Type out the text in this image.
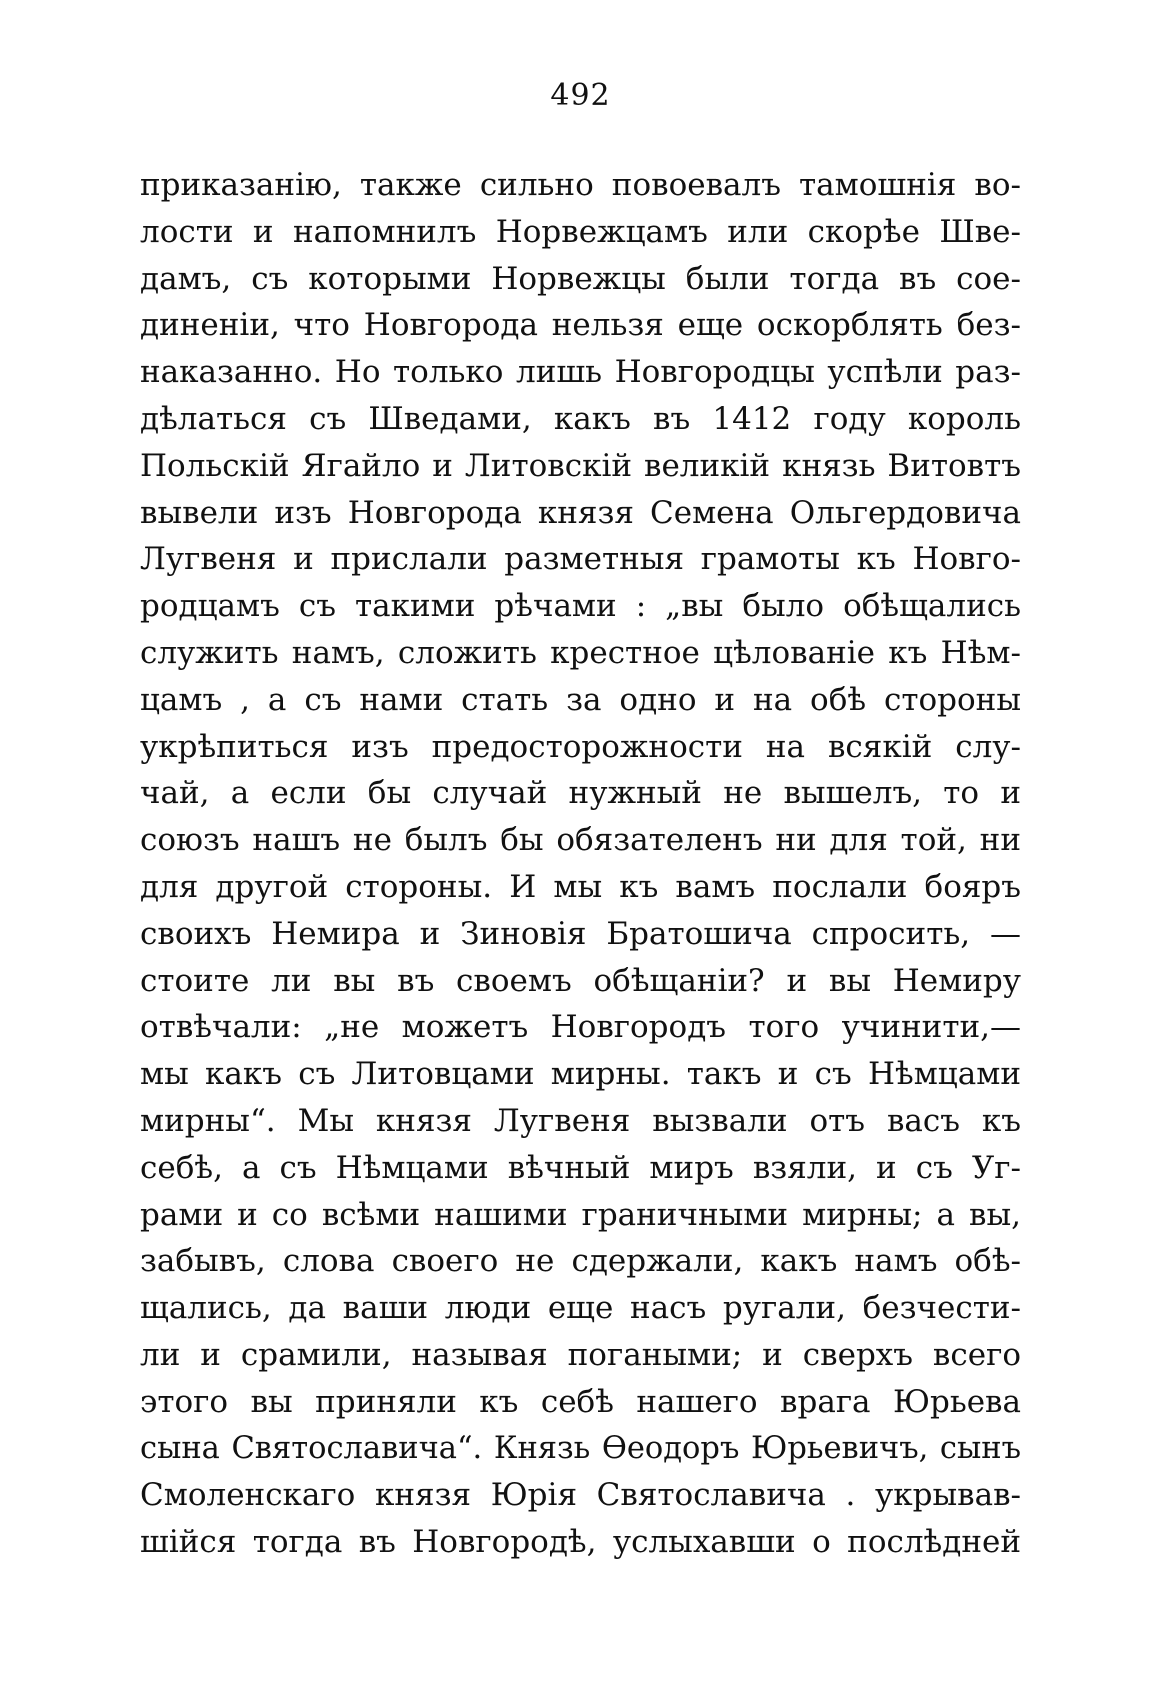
492
приказанію, также сильно повоевалъ тамошнія во-
лости и напомнилъ Норвежцамъ или скорѣе Шве-
дамъ, съ которыми Норвежцы были тогда въ сое-
диненіи, что Новгорода нельзя еще оскорблять без-
наказанно. Но только лишь Новгородцы успѣли раз-
дѣлаться съ Шведами, какъ въ 1412 году король
Польскій Ягайло и Литовскій великій князь Витовтъ
вывели изъ Новгорода князя Семена Ольгердовича
Лугвеня и прислали разметныя грамоты къ Новго-
родцамъ съ такими рѣчами : „вы было обѣщались
служить намъ, сложить крестное цѣлованіе къ Нѣм-
цамъ , а съ нами стать за одно и на обѣ стороны
укрѣпиться изъ предосторожности на всякій слу-
чай, а если бы случай нужный не вышелъ, то и
союзъ нашъ не былъ бы обязателенъ ни для той, ни
для другой стороны. И мы къ вамъ послали бояръ
своихъ Немира и Зиновія Братошича спросить, —
стоите ли вы въ своемъ обѣщаніи? и вы Немиру
отвѣчали: „не можетъ Новгородъ того учинити,—
мы какъ съ Литовцами мирны. такъ и съ Нѣмцами
мирны“. Мы князя Лугвеня вызвали отъ васъ къ
себѣ, а съ Нѣмцами вѣчный миръ взяли, и съ Уг-
рами и со всѣми нашими граничными мирны; а вы,
забывъ, слова своего не сдержали, какъ намъ обѣ-
щались, да ваши люди еще насъ ругали, безчести-
ли и срамили, называя погаными; и сверхъ всего
этого вы приняли къ себѣ нашего врага Юрьева
сына Святославича“. Князь Ѳеодоръ Юрьевичъ, сынъ
Смоленскаго князя Юрія Святославича . укрывав-
шійся тогда въ Новгородѣ, услыхавши о послѣдней
